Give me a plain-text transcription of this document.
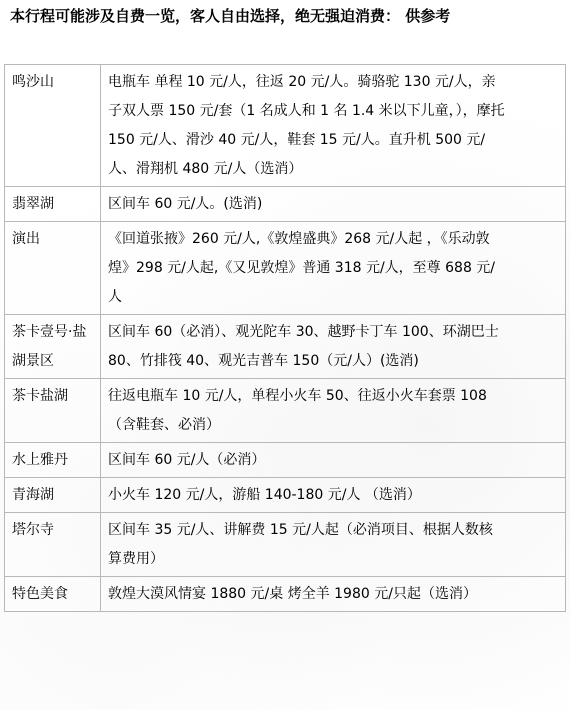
本行程可能涉及自费一览，客人自由选择，绝无强迫消费： 供参考
鸣沙山	电瓶车 单程 10 元/人，往返 20 元/人。骑骆驼 130 元/人，亲子双人票 150 元/套（1 名成人和 1 名 1.4 米以下儿童，），摩托 150 元/人、滑沙 40 元/人，鞋套 15 元/人。直升机 500 元/人、滑翔机 480 元/人（选消）
翡翠湖	区间车 60 元/人。(选消)
演出	《回道张掖》260 元/人,《敦煌盛典》268 元/人起 ，《乐动敦煌》298 元/人起,《又见敦煌》普通 318 元/人，至尊 688 元/人
茶卡壹号·盐湖景区	区间车 60（必消）、观光陀车 30、越野卡丁车 100、环湖巴士 80、竹排筏 40、观光吉普车 150（元/人）(选消)
茶卡盐湖	往返电瓶车 10 元/人，单程小火车 50、往返小火车套票 108（含鞋套、必消）
水上雅丹	区间车 60 元/人（必消）
青海湖	小火车 120 元/人，游船 140-180 元/人 （选消）
塔尔寺	区间车 35 元/人、讲解费 15 元/人起（必消项目、根据人数核算费用）
特色美食	敦煌大漠风情宴 1880 元/桌 烤全羊 1980 元/只起（选消）
